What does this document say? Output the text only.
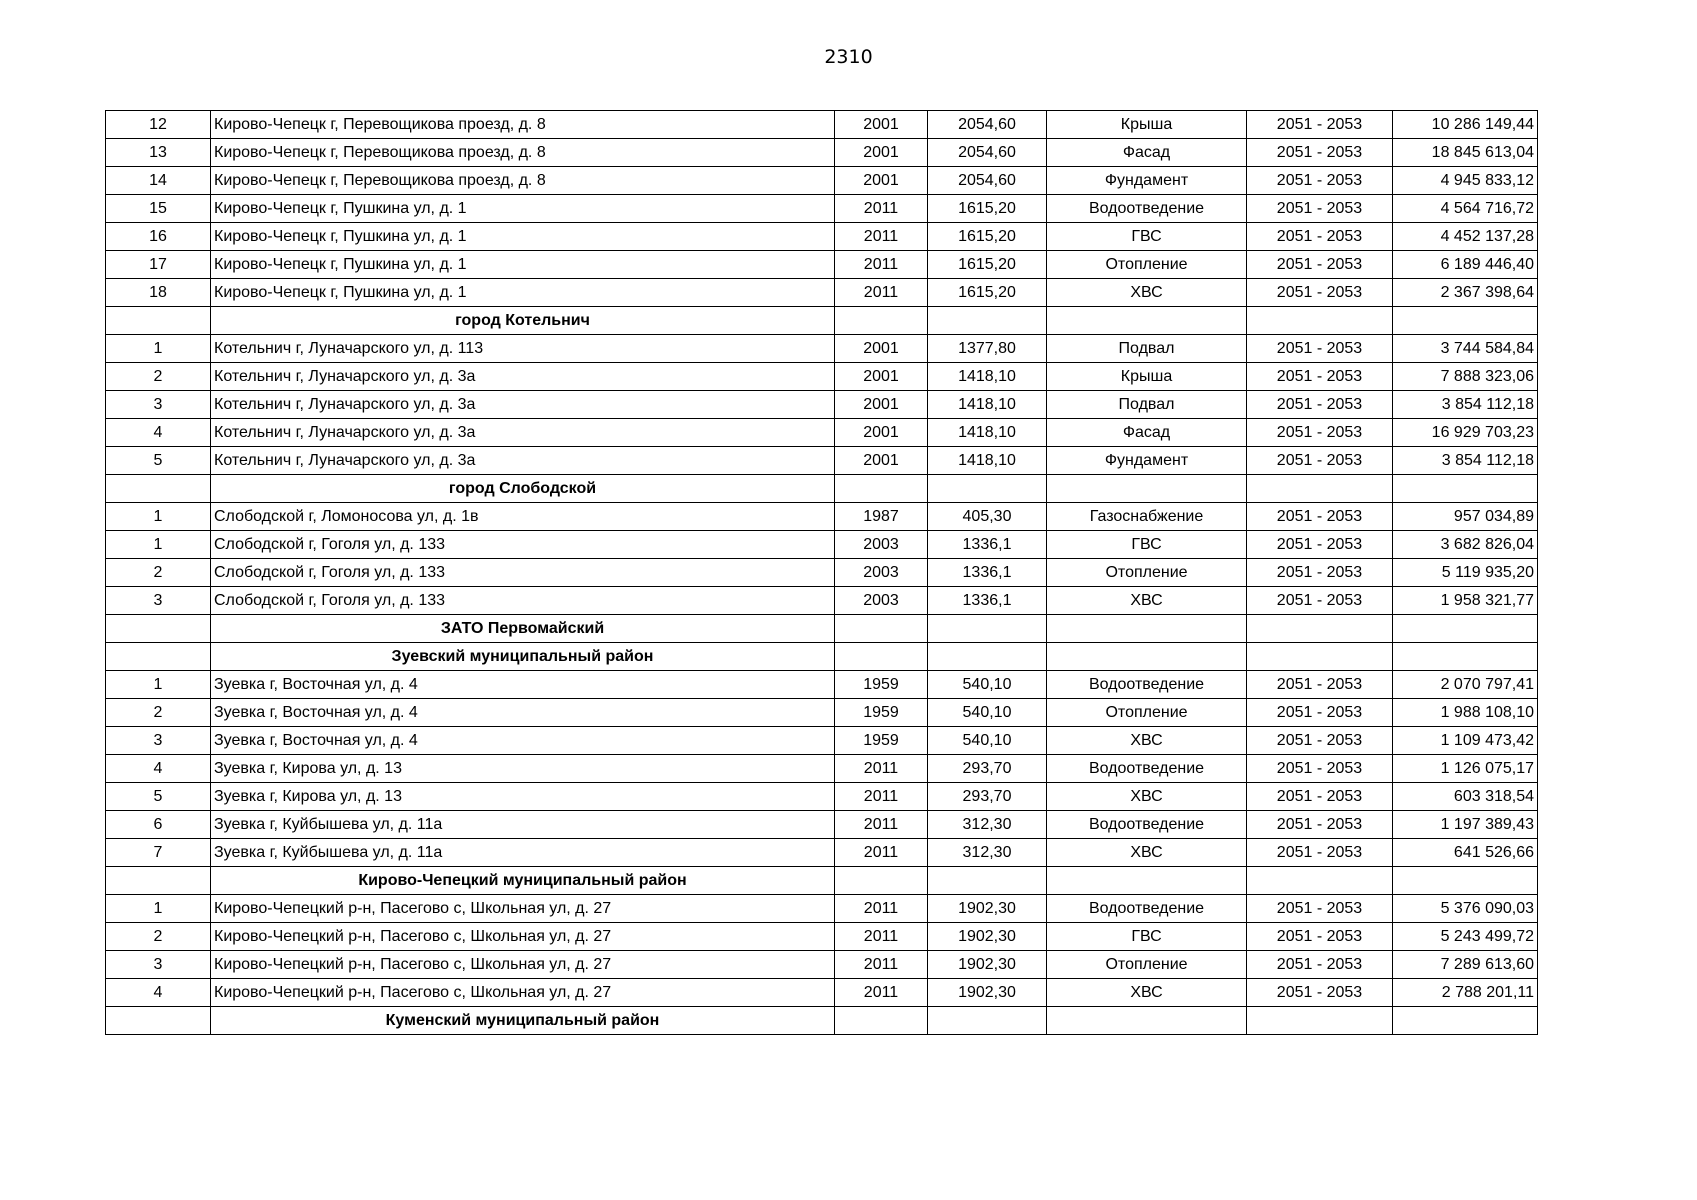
2310
12	Кирово-Чепецк г, Перевощикова проезд, д. 8	2001	2054,60	Крыша	2051 - 2053	10 286 149,44
13	Кирово-Чепецк г, Перевощикова проезд, д. 8	2001	2054,60	Фасад	2051 - 2053	18 845 613,04
14	Кирово-Чепецк г, Перевощикова проезд, д. 8	2001	2054,60	Фундамент	2051 - 2053	4 945 833,12
15	Кирово-Чепецк г, Пушкина ул, д. 1	2011	1615,20	Водоотведение	2051 - 2053	4 564 716,72
16	Кирово-Чепецк г, Пушкина ул, д. 1	2011	1615,20	ГВС	2051 - 2053	4 452 137,28
17	Кирово-Чепецк г, Пушкина ул, д. 1	2011	1615,20	Отопление	2051 - 2053	6 189 446,40
18	Кирово-Чепецк г, Пушкина ул, д. 1	2011	1615,20	ХВС	2051 - 2053	2 367 398,64
	город Котельнич					
1	Котельнич г, Луначарского ул, д. 113	2001	1377,80	Подвал	2051 - 2053	3 744 584,84
2	Котельнич г, Луначарского ул, д. 3а	2001	1418,10	Крыша	2051 - 2053	7 888 323,06
3	Котельнич г, Луначарского ул, д. 3а	2001	1418,10	Подвал	2051 - 2053	3 854 112,18
4	Котельнич г, Луначарского ул, д. 3а	2001	1418,10	Фасад	2051 - 2053	16 929 703,23
5	Котельнич г, Луначарского ул, д. 3а	2001	1418,10	Фундамент	2051 - 2053	3 854 112,18
	город Слободской					
1	Слободской г, Ломоносова ул, д. 1в	1987	405,30	Газоснабжение	2051 - 2053	957 034,89
1	Слободской г, Гоголя ул, д. 133	2003	1336,1	ГВС	2051 - 2053	3 682 826,04
2	Слободской г, Гоголя ул, д. 133	2003	1336,1	Отопление	2051 - 2053	5 119 935,20
3	Слободской г, Гоголя ул, д. 133	2003	1336,1	ХВС	2051 - 2053	1 958 321,77
	ЗАТО Первомайский					
	Зуевский муниципальный район					
1	Зуевка г, Восточная ул, д. 4	1959	540,10	Водоотведение	2051 - 2053	2 070 797,41
2	Зуевка г, Восточная ул, д. 4	1959	540,10	Отопление	2051 - 2053	1 988 108,10
3	Зуевка г, Восточная ул, д. 4	1959	540,10	ХВС	2051 - 2053	1 109 473,42
4	Зуевка г, Кирова ул, д. 13	2011	293,70	Водоотведение	2051 - 2053	1 126 075,17
5	Зуевка г, Кирова ул, д. 13	2011	293,70	ХВС	2051 - 2053	603 318,54
6	Зуевка г, Куйбышева ул, д. 11а	2011	312,30	Водоотведение	2051 - 2053	1 197 389,43
7	Зуевка г, Куйбышева ул, д. 11а	2011	312,30	ХВС	2051 - 2053	641 526,66
	Кирово-Чепецкий муниципальный район					
1	Кирово-Чепецкий р-н, Пасегово с, Школьная ул, д. 27	2011	1902,30	Водоотведение	2051 - 2053	5 376 090,03
2	Кирово-Чепецкий р-н, Пасегово с, Школьная ул, д. 27	2011	1902,30	ГВС	2051 - 2053	5 243 499,72
3	Кирово-Чепецкий р-н, Пасегово с, Школьная ул, д. 27	2011	1902,30	Отопление	2051 - 2053	7 289 613,60
4	Кирово-Чепецкий р-н, Пасегово с, Школьная ул, д. 27	2011	1902,30	ХВС	2051 - 2053	2 788 201,11
	Куменский муниципальный район					
